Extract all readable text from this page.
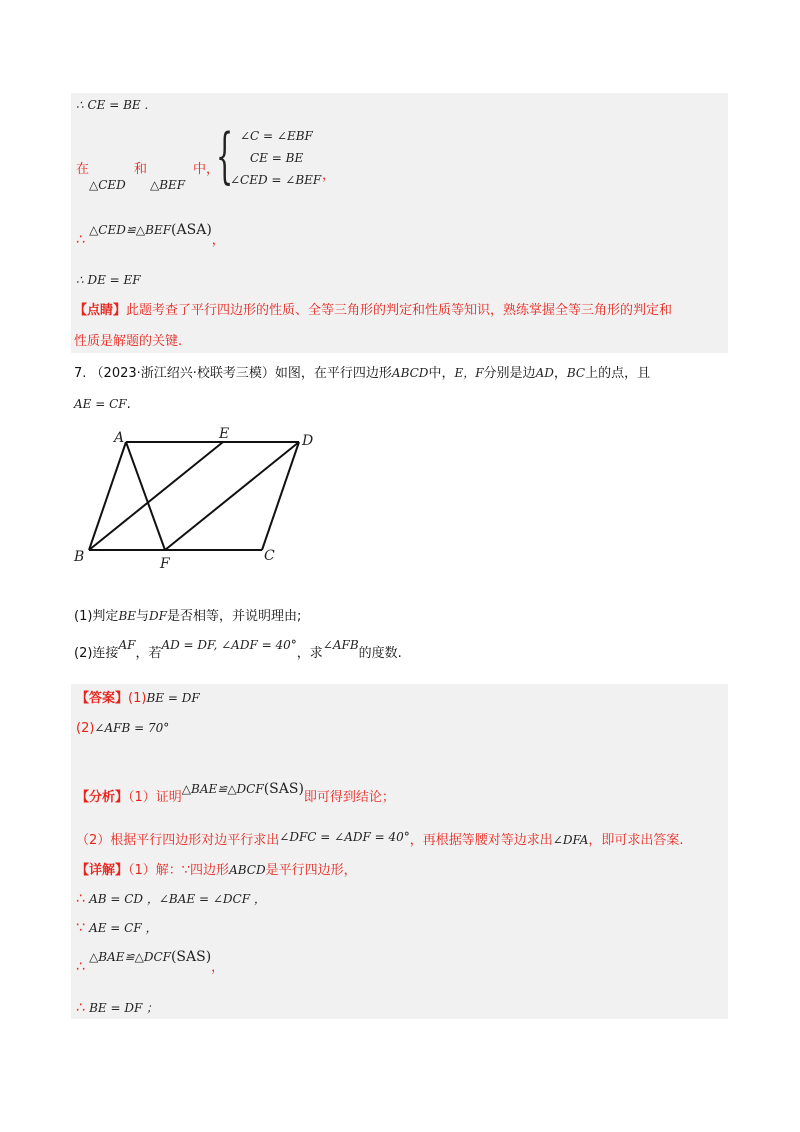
∴ CE = BE .
在
△CED
和
△BEF
中，
{ ∠C = ∠EBF
CE = BE
∠CED = ∠BEF ，
∴ △CED≌△BEF(ASA)，
∴ DE = EF
【点睛】此题考查了平行四边形的性质、全等三角形的判定和性质等知识，熟练掌握全等三角形的判定和
性质是解题的关键.
7. （2023·浙江绍兴·校联考三模）如图，在平行四边形ABCD中，E，F分别是边AD，BC上的点，且
AE = CF.
A	E	D
B	F	C
(1)判定BE与DF是否相等，并说明理由;
(2)连接AF，若AD = DF, ∠ADF = 40°，求∠AFB的度数.
【答案】(1)BE = DF
(2)∠AFB = 70°
【分析】（1）证明△BAE≌△DCF(SAS)即可得到结论；
（2）根据平行四边形对边平行求出∠DFC = ∠ADF = 40°，再根据等腰对等边求出∠DFA，即可求出答案.
【详解】（1）解：∵四边形ABCD是平行四边形，
∴ AB = CD ，∠BAE = ∠DCF ，
∵ AE = CF ，
∴ △BAE≌△DCF(SAS)，
∴ BE = DF ；
